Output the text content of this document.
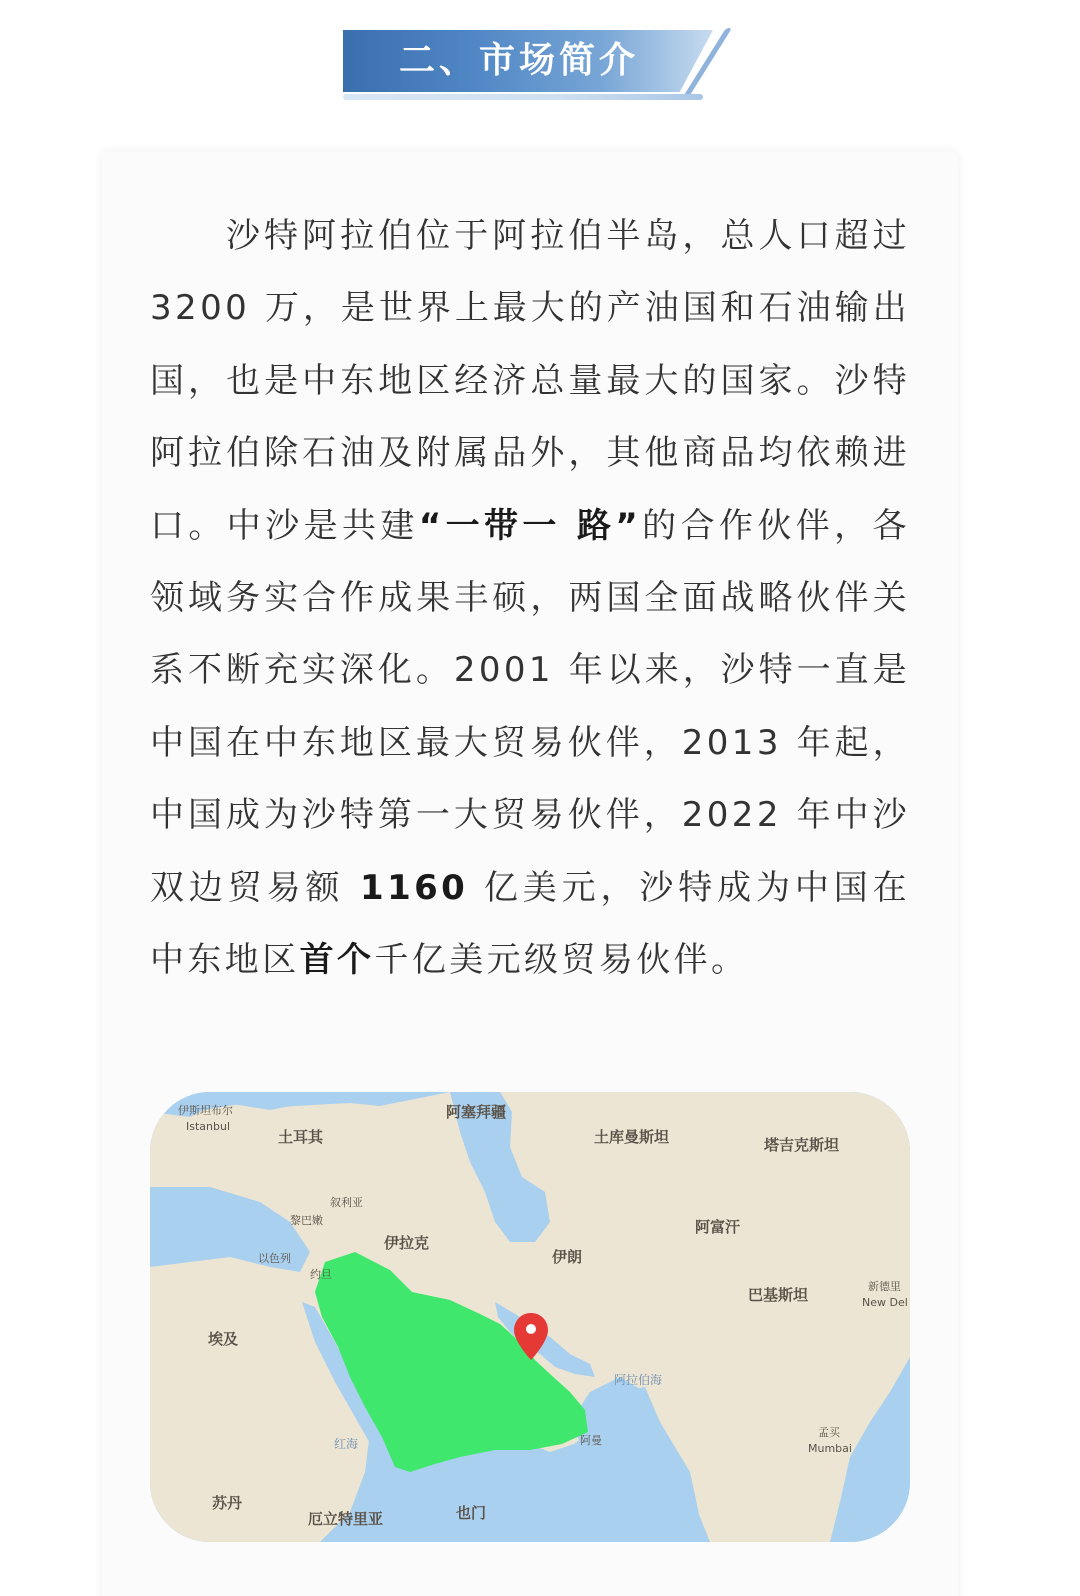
二、市场简介

沙特阿拉伯位于阿拉伯半岛，总人口超过 3200 万，是世界上最大的产油国和石油输出国，也是中东地区经济总量最大的国家。沙特阿拉伯除石油及附属品外，其他商品均依赖进口。中沙是共建“一带一 路”的合作伙伴，各领域务实合作成果丰硕，两国全面战略伙伴关系不断充实深化。2001 年以来，沙特一直是中国在中东地区最大贸易伙伴，2013 年起，中国成为沙特第一大贸易伙伴，2022 年中沙双边贸易额 1160 亿美元，沙特成为中国在中东地区首个千亿美元级贸易伙伴。

伊斯坦布尔
Istanbul
土耳其
阿塞拜疆
土库曼斯坦	塔吉克斯坦
叙利亚
黎巴嫩
伊拉克
伊朗
阿富汗
以色列
约旦
巴基斯坦	新德里
New Del
埃及
阿拉伯海
阿曼
红海
孟买
Mumbai
苏丹
厄立特里亚	也门
